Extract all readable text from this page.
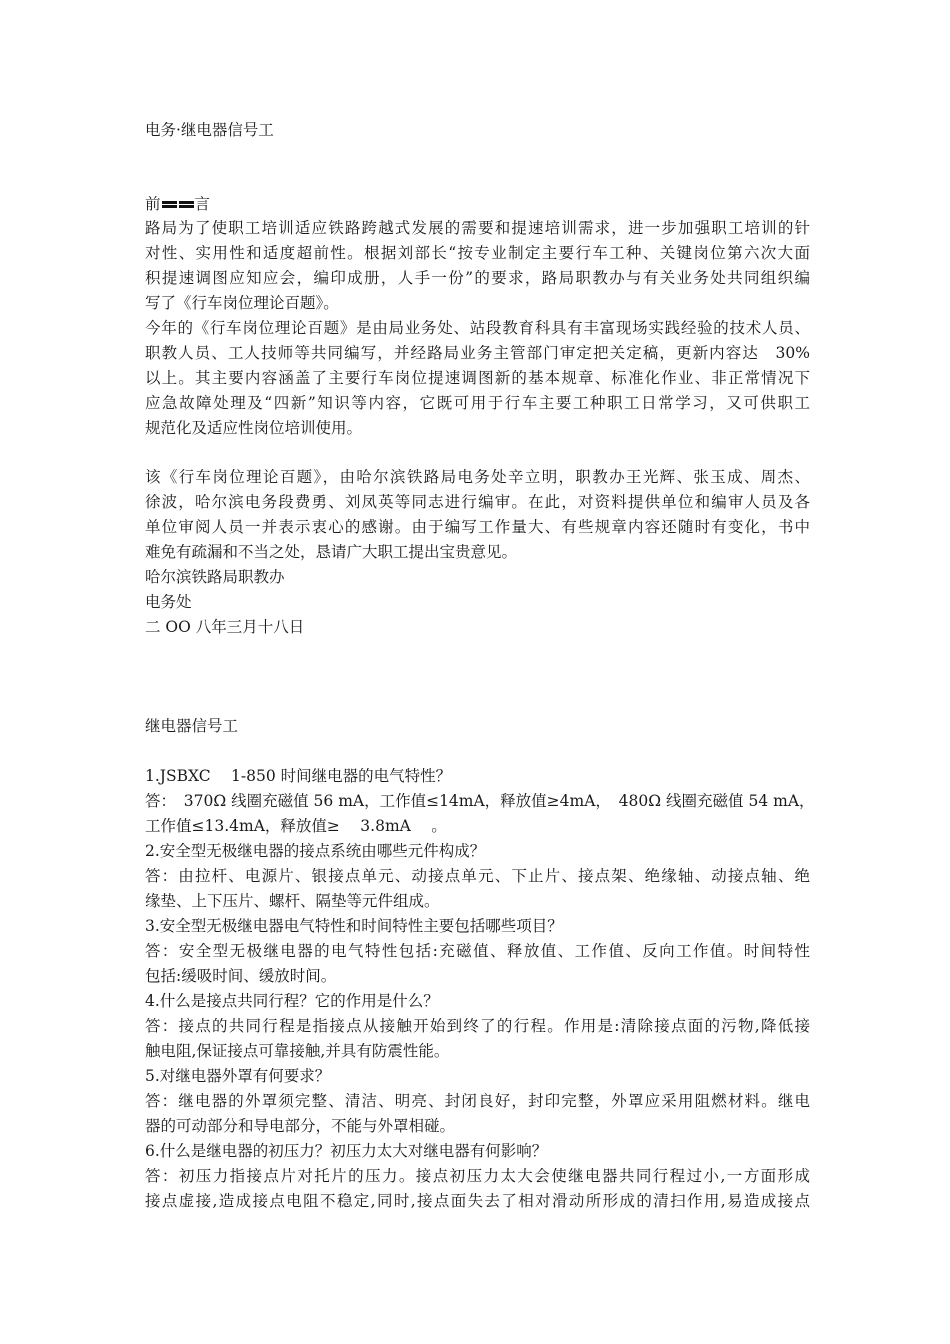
电务·继电器信号工
前 言
路局为了使职工培训适应铁路跨越式发展的需要和提速培训需求，进一步加强职工培训的针
对性、实用性和适度超前性。根据刘部长“按专业制定主要行车工种、关键岗位第六次大面
积提速调图应知应会，编印成册，人手一份”的要求，路局职教办与有关业务处共同组织编
写了《行车岗位理论百题》。
今年的《行车岗位理论百题》是由局业务处、站段教育科具有丰富现场实践经验的技术人员、
职教人员、工人技师等共同编写，并经路局业务主管部门审定把关定稿，更新内容达　30%
以上。其主要内容涵盖了主要行车岗位提速调图新的基本规章、标准化作业、非正常情况下
应急故障处理及“四新”知识等内容，它既可用于行车主要工种职工日常学习，又可供职工
规范化及适应性岗位培训使用。
该《行车岗位理论百题》，由哈尔滨铁路局电务处辛立明，职教办王光辉、张玉成、周杰、
徐波，哈尔滨电务段费勇、刘凤英等同志进行编审。在此，对资料提供单位和编审人员及各
单位审阅人员一并表示衷心的感谢。由于编写工作量大、有些规章内容还随时有变化，书中
难免有疏漏和不当之处，恳请广大职工提出宝贵意见。
哈尔滨铁路局职教办
电务处
二 OO 八年三月十八日
继电器信号工
1.JSBXC　 1-850 时间继电器的电气特性？
答：　370Ω 线圈充磁值 56 mA，工作值≤14mA，释放值≥4mA，　480Ω 线圈充磁值 54 mA，
工作值≤13.4mA，释放值≥　 3.8mA　 。
2.安全型无极继电器的接点系统由哪些元件构成？
答：由拉杆、电源片、银接点单元、动接点单元、下止片、接点架、绝缘轴、动接点轴、绝
缘垫、上下压片、螺杆、隔垫等元件组成。
3.安全型无极继电器电气特性和时间特性主要包括哪些项目？
答：安全型无极继电器的电气特性包括:充磁值、释放值、工作值、反向工作值。时间特性
包括:缓吸时间、缓放时间。
4.什么是接点共同行程？它的作用是什么？
答：接点的共同行程是指接点从接触开始到终了的行程。作用是:清除接点面的污物,降低接
触电阻,保证接点可靠接触,并具有防震性能。
5.对继电器外罩有何要求？
答：继电器的外罩须完整、清洁、明亮、封闭良好，封印完整，外罩应采用阻燃材料。继电
器的可动部分和导电部分，不能与外罩相碰。
6.什么是继电器的初压力？初压力太大对继电器有何影响？
答：初压力指接点片对托片的压力。接点初压力太大会使继电器共同行程过小,一方面形成
接点虚接,造成接点电阻不稳定,同时,接点面失去了相对滑动所形成的清扫作用,易造成接点
